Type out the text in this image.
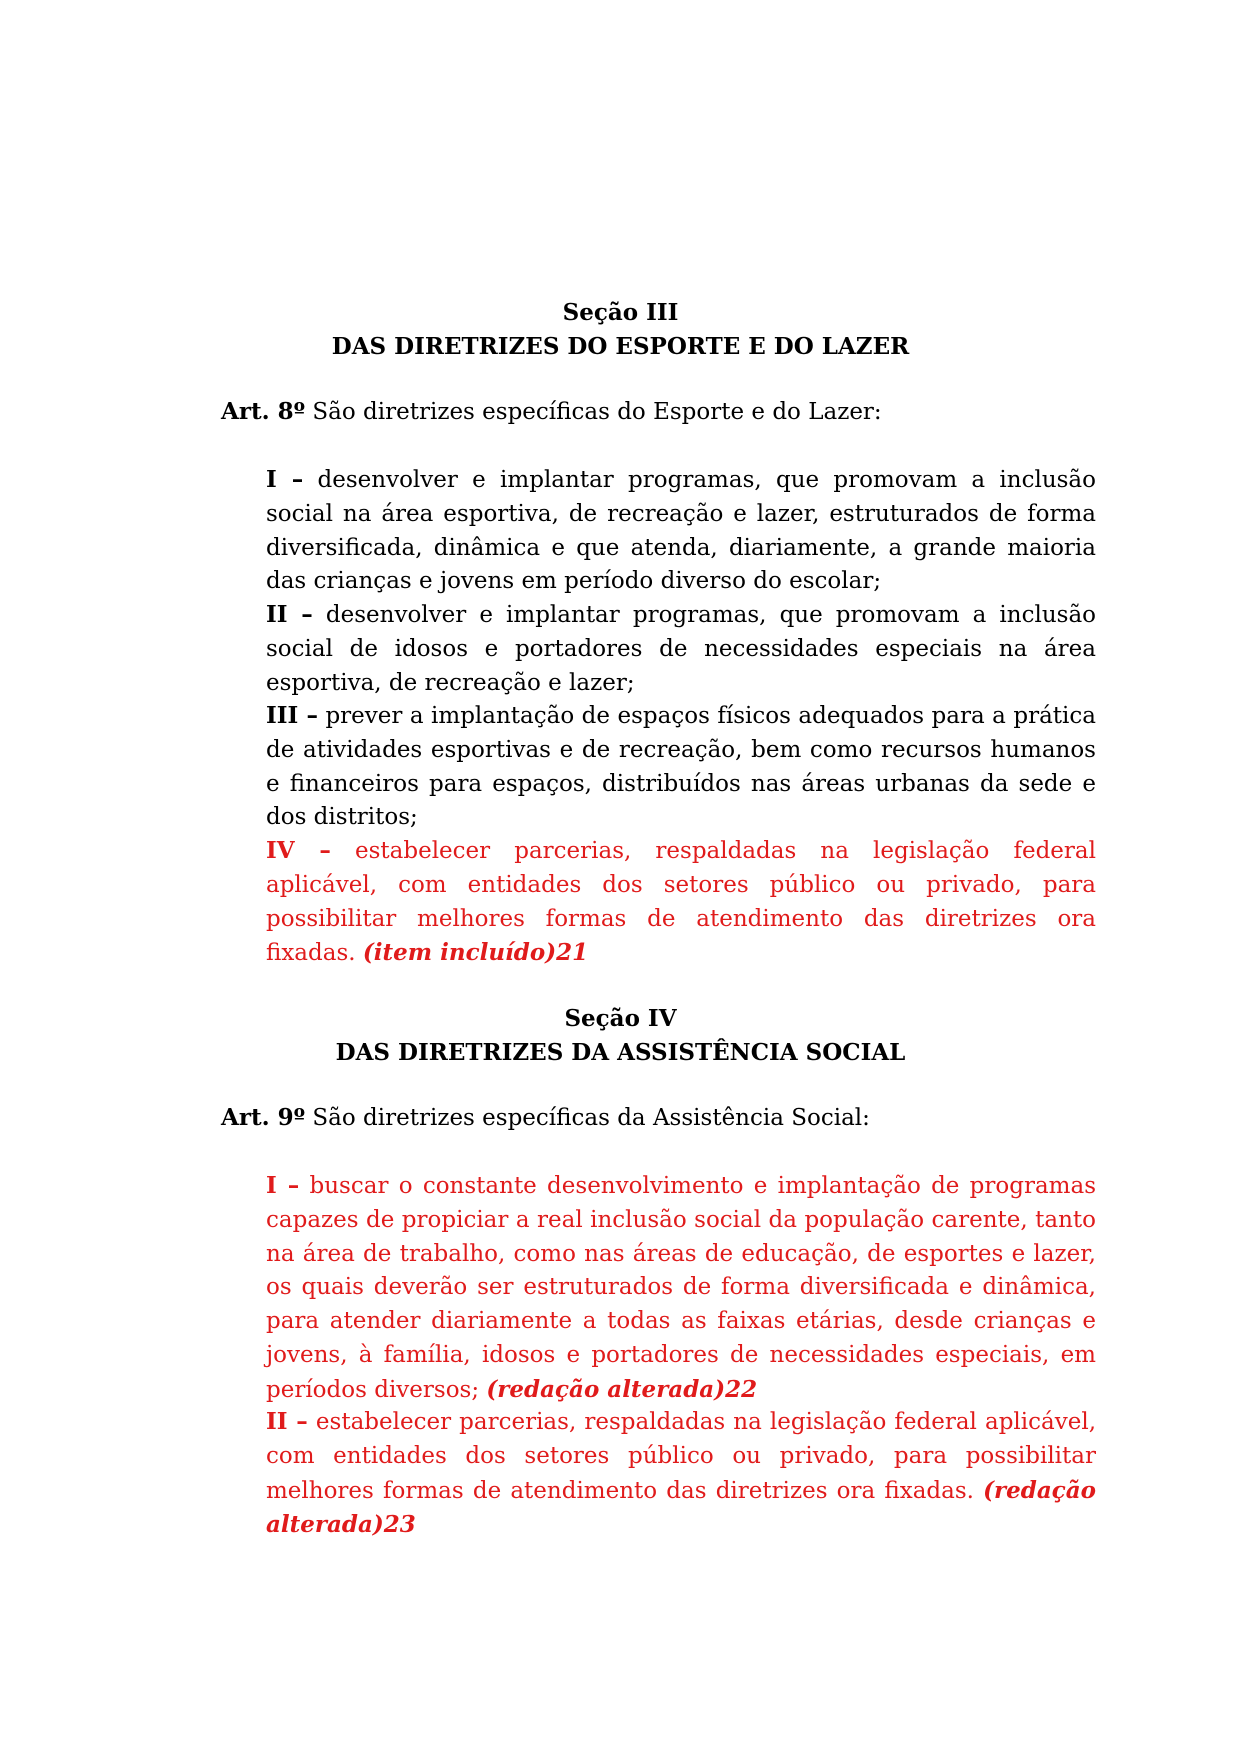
Seção III
DAS DIRETRIZES DO ESPORTE E DO LAZER
Art. 8º São diretrizes específicas do Esporte e do Lazer:

I – desenvolver e implantar programas, que promovam a inclusão social na área esportiva, de recreação e lazer, estruturados de forma diversificada, dinâmica e que atenda, diariamente, a grande maioria das crianças e jovens em período diverso do escolar;

II – desenvolver e implantar programas, que promovam a inclusão social de idosos e portadores de necessidades especiais na área esportiva, de recreação e lazer;

III – prever a implantação de espaços físicos adequados para a prática de atividades esportivas e de recreação, bem como recursos humanos e financeiros para espaços, distribuídos nas áreas urbanas da sede e dos distritos;

IV – estabelecer parcerias, respaldadas na legislação federal aplicável, com entidades dos setores público ou privado, para possibilitar melhores formas de atendimento das diretrizes ora fixadas. (item incluído)21

Seção IV
DAS DIRETRIZES DA ASSISTÊNCIA SOCIAL
Art. 9º São diretrizes específicas da Assistência Social:

I – buscar o constante desenvolvimento e implantação de programas capazes de propiciar a real inclusão social da população carente, tanto na área de trabalho, como nas áreas de educação, de esportes e lazer, os quais deverão ser estruturados de forma diversificada e dinâmica, para atender diariamente a todas as faixas etárias, desde crianças e jovens, à família, idosos e portadores de necessidades especiais, em períodos diversos; (redação alterada)22

II – estabelecer parcerias, respaldadas na legislação federal aplicável, com entidades dos setores público ou privado, para possibilitar melhores formas de atendimento das diretrizes ora fixadas. (redação alterada)23
